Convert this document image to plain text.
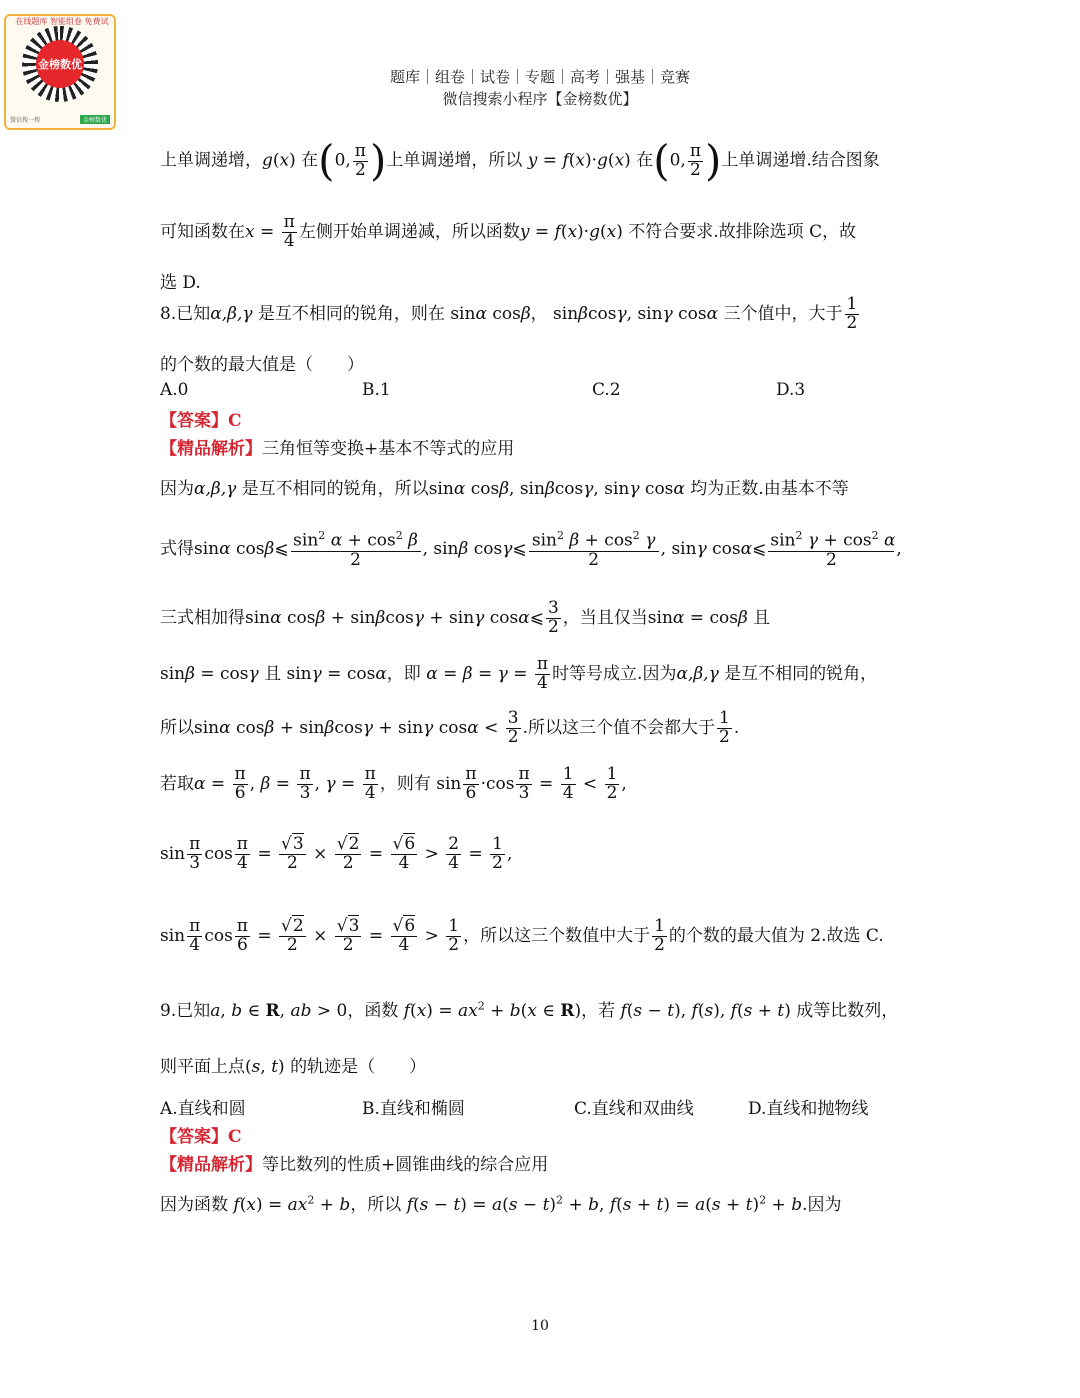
在线题库 智能组卷 免费试
金榜数优
微信搜一搜	金榜数优
题库｜组卷｜试卷｜专题｜高考｜强基｜竞赛
微信搜索小程序【金榜数优】
上单调递增，g(x) 在(0, $\frac{\pi}{2}$ )上单调递增，所以 y = f(x)·g(x) 在(0, $\frac{\pi}{2}$ )上单调递增.结合图象
可知函数在$x = \frac{\pi}{4}$ 左侧开始单调递减，所以函数y = f(x)·g(x) 不符合要求.故排除选项 C，故
选 D.
8.已知α,β,γ 是互不相同的锐角，则在 sinα cosβ， sinβcosγ, sinγ cosα 三个值中，大于 $\frac{1}{2}$
的个数的最大值是（　　）
A.0	B.1	C.2	D.3
【答案】C
【精品解析】三角恒等变换+基本不等式的应用
因为α,β,γ 是互不相同的锐角，所以sinα cosβ, sinβcosγ, sinγ cosα 均为正数.由基本不等
式得sinα cosβ⩽ $\frac{\sin^2 \alpha + \cos^2 \beta}{2}$ , sinβ cosγ⩽ $\frac{\sin^2 \beta + \cos^2 \gamma}{2}$ , sinγ cosα⩽ $\frac{\sin^2 \gamma + \cos^2 \alpha}{2}$ ,
三式相加得sinα cosβ + sinβcosγ + sinγ cosα⩽ $\frac{3}{2}$ ，当且仅当sinα = cosβ 且
sinβ = cosγ 且 sinγ = cosα，即 $\alpha = \beta = \gamma = \frac{\pi}{4}$ 时等号成立.因为α,β,γ 是互不相同的锐角，
所以sinα cosβ + sinβcosγ + sinγ $\cos\alpha < \frac{3}{2}$ .所以这三个值不会都大于 $\frac{1}{2}$ .
若取$\alpha = \frac{\pi}{6}$ , $\beta = \frac{\pi}{3}$ , $\gamma = \frac{\pi}{4}$ ，则有 $\sin \frac{\pi}{6} \cdot\cos \frac{\pi}{3} = \frac{1}{4} < \frac{1}{2}$ ,
$\sin \frac{\pi}{3}$ $\cos \frac{\pi}{4} = \frac{√3}{2} \times \frac{√2}{2} = \frac{√6}{4} > \frac{2}{4} = \frac{1}{2}$ ,
$\sin \frac{\pi}{4}$ $\cos \frac{\pi}{6} = \frac{√2}{2} \times \frac{√3}{2} = \frac{√6}{4} > \frac{1}{2}$ ，所以这三个数值中大于 $\frac{1}{2}$ 的个数的最大值为 2.故选 C.
9.已知a, b ∈ R, ab > 0，函数 $f(x) = ax^2 + b(x$ ∈ R)，若 f(s − t), f(s), f(s + t) 成等比数列，
则平面上点(s, t) 的轨迹是（　　）
A.直线和圆	B.直线和椭圆	C.直线和双曲线	D.直线和抛物线
【答案】C
【精品解析】等比数列的性质+圆锥曲线的综合应用
因为函数 $f(x) = ax^2 + b$，所以 $f(s - t) = a(s - t)^2 + b$, $f(s + t) = a(s + t)^2 + b$.因为
10
